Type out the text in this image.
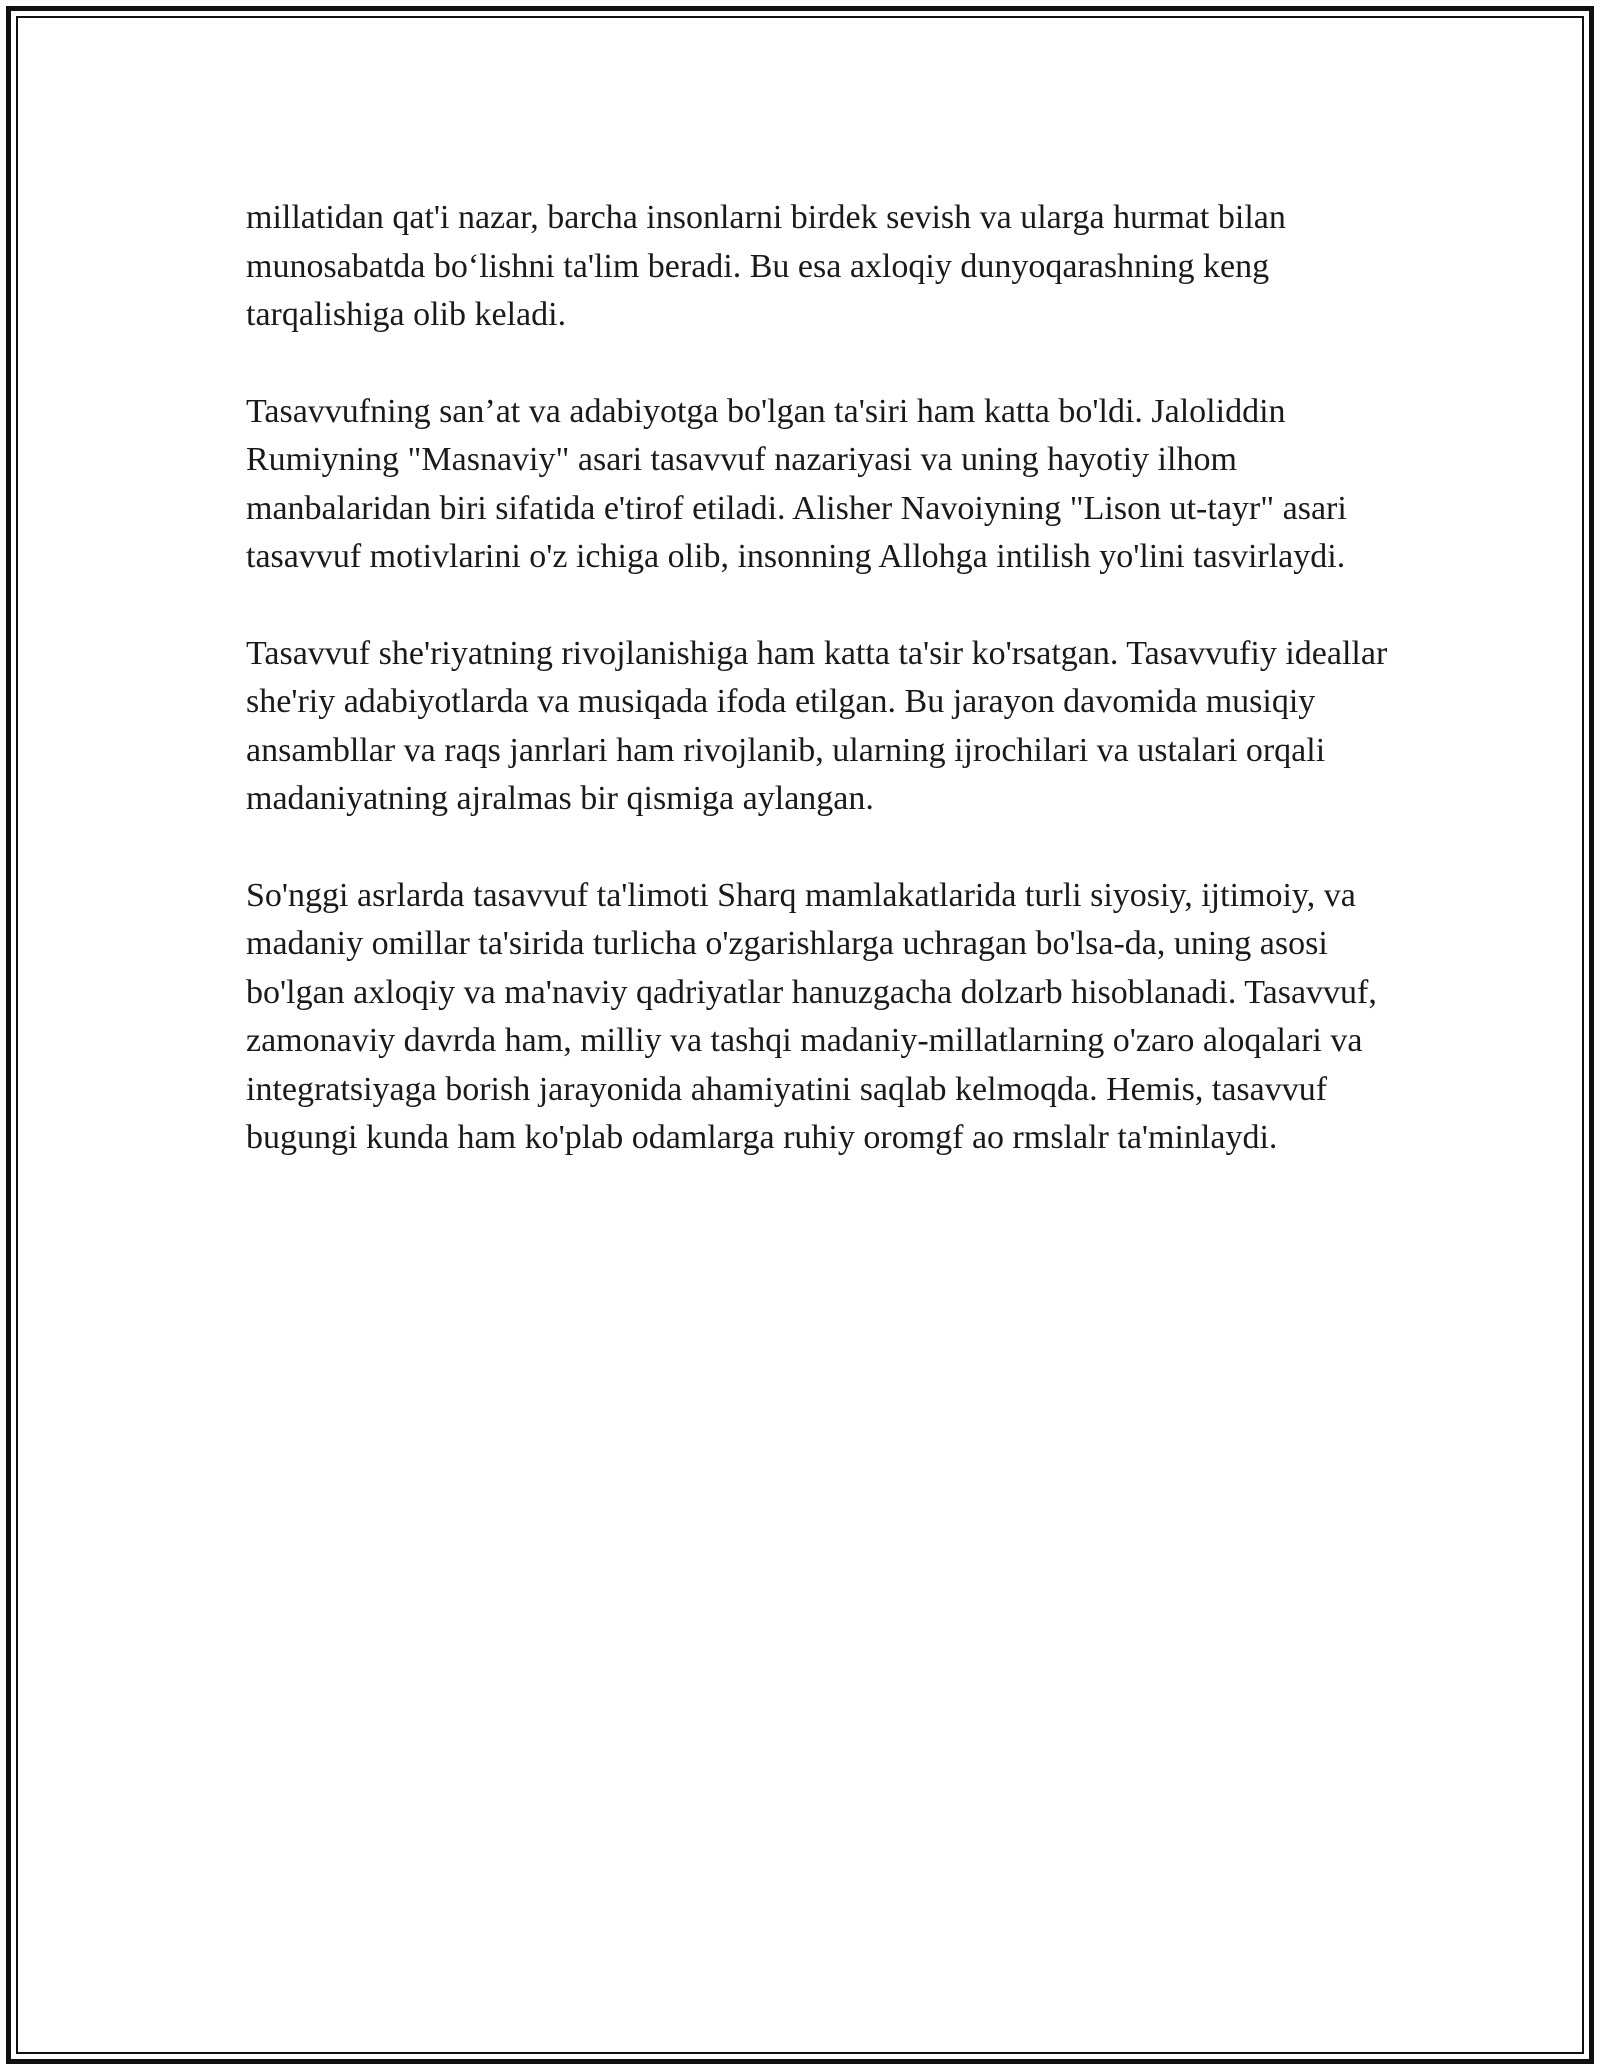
millatidan qat'i nazar, barcha insonlarni birdek sevish va ularga hurmat bilan munosabatda bo‘lishni ta'lim beradi. Bu esa axloqiy dunyoqarashning keng tarqalishiga olib keladi.

Tasavvufning san’at va adabiyotga bo'lgan ta'siri ham katta bo'ldi. Jaloliddin Rumiyning "Masnaviy" asari tasavvuf nazariyasi va uning hayotiy ilhom manbalaridan biri sifatida e'tirof etiladi. Alisher Navoiyning "Lison ut-tayr" asari tasavvuf motivlarini o'z ichiga olib, insonning Allohga intilish yo'lini tasvirlaydi.

Tasavvuf she'riyatning rivojlanishiga ham katta ta'sir ko'rsatgan. Tasavvufiy ideallar she'riy adabiyotlarda va musiqada ifoda etilgan. Bu jarayon davomida musiqiy ansambllar va raqs janrlari ham rivojlanib, ularning ijrochilari va ustalari orqali madaniyatning ajralmas bir qismiga aylangan.

So'nggi asrlarda tasavvuf ta'limoti Sharq mamlakatlarida turli siyosiy, ijtimoiy, va madaniy omillar ta'sirida turlicha o'zgarishlarga uchragan bo'lsa-da, uning asosi bo'lgan axloqiy va ma'naviy qadriyatlar hanuzgacha dolzarb hisoblanadi. Tasavvuf, zamonaviy davrda ham, milliy va tashqi madaniy-millatlarning o'zaro aloqalari va integratsiyaga borish jarayonida ahamiyatini saqlab kelmoqda. Hemis, tasavvuf bugungi kunda ham ko'plab odamlarga ruhiy oromgf ao rmslalr ta'minlaydi.
